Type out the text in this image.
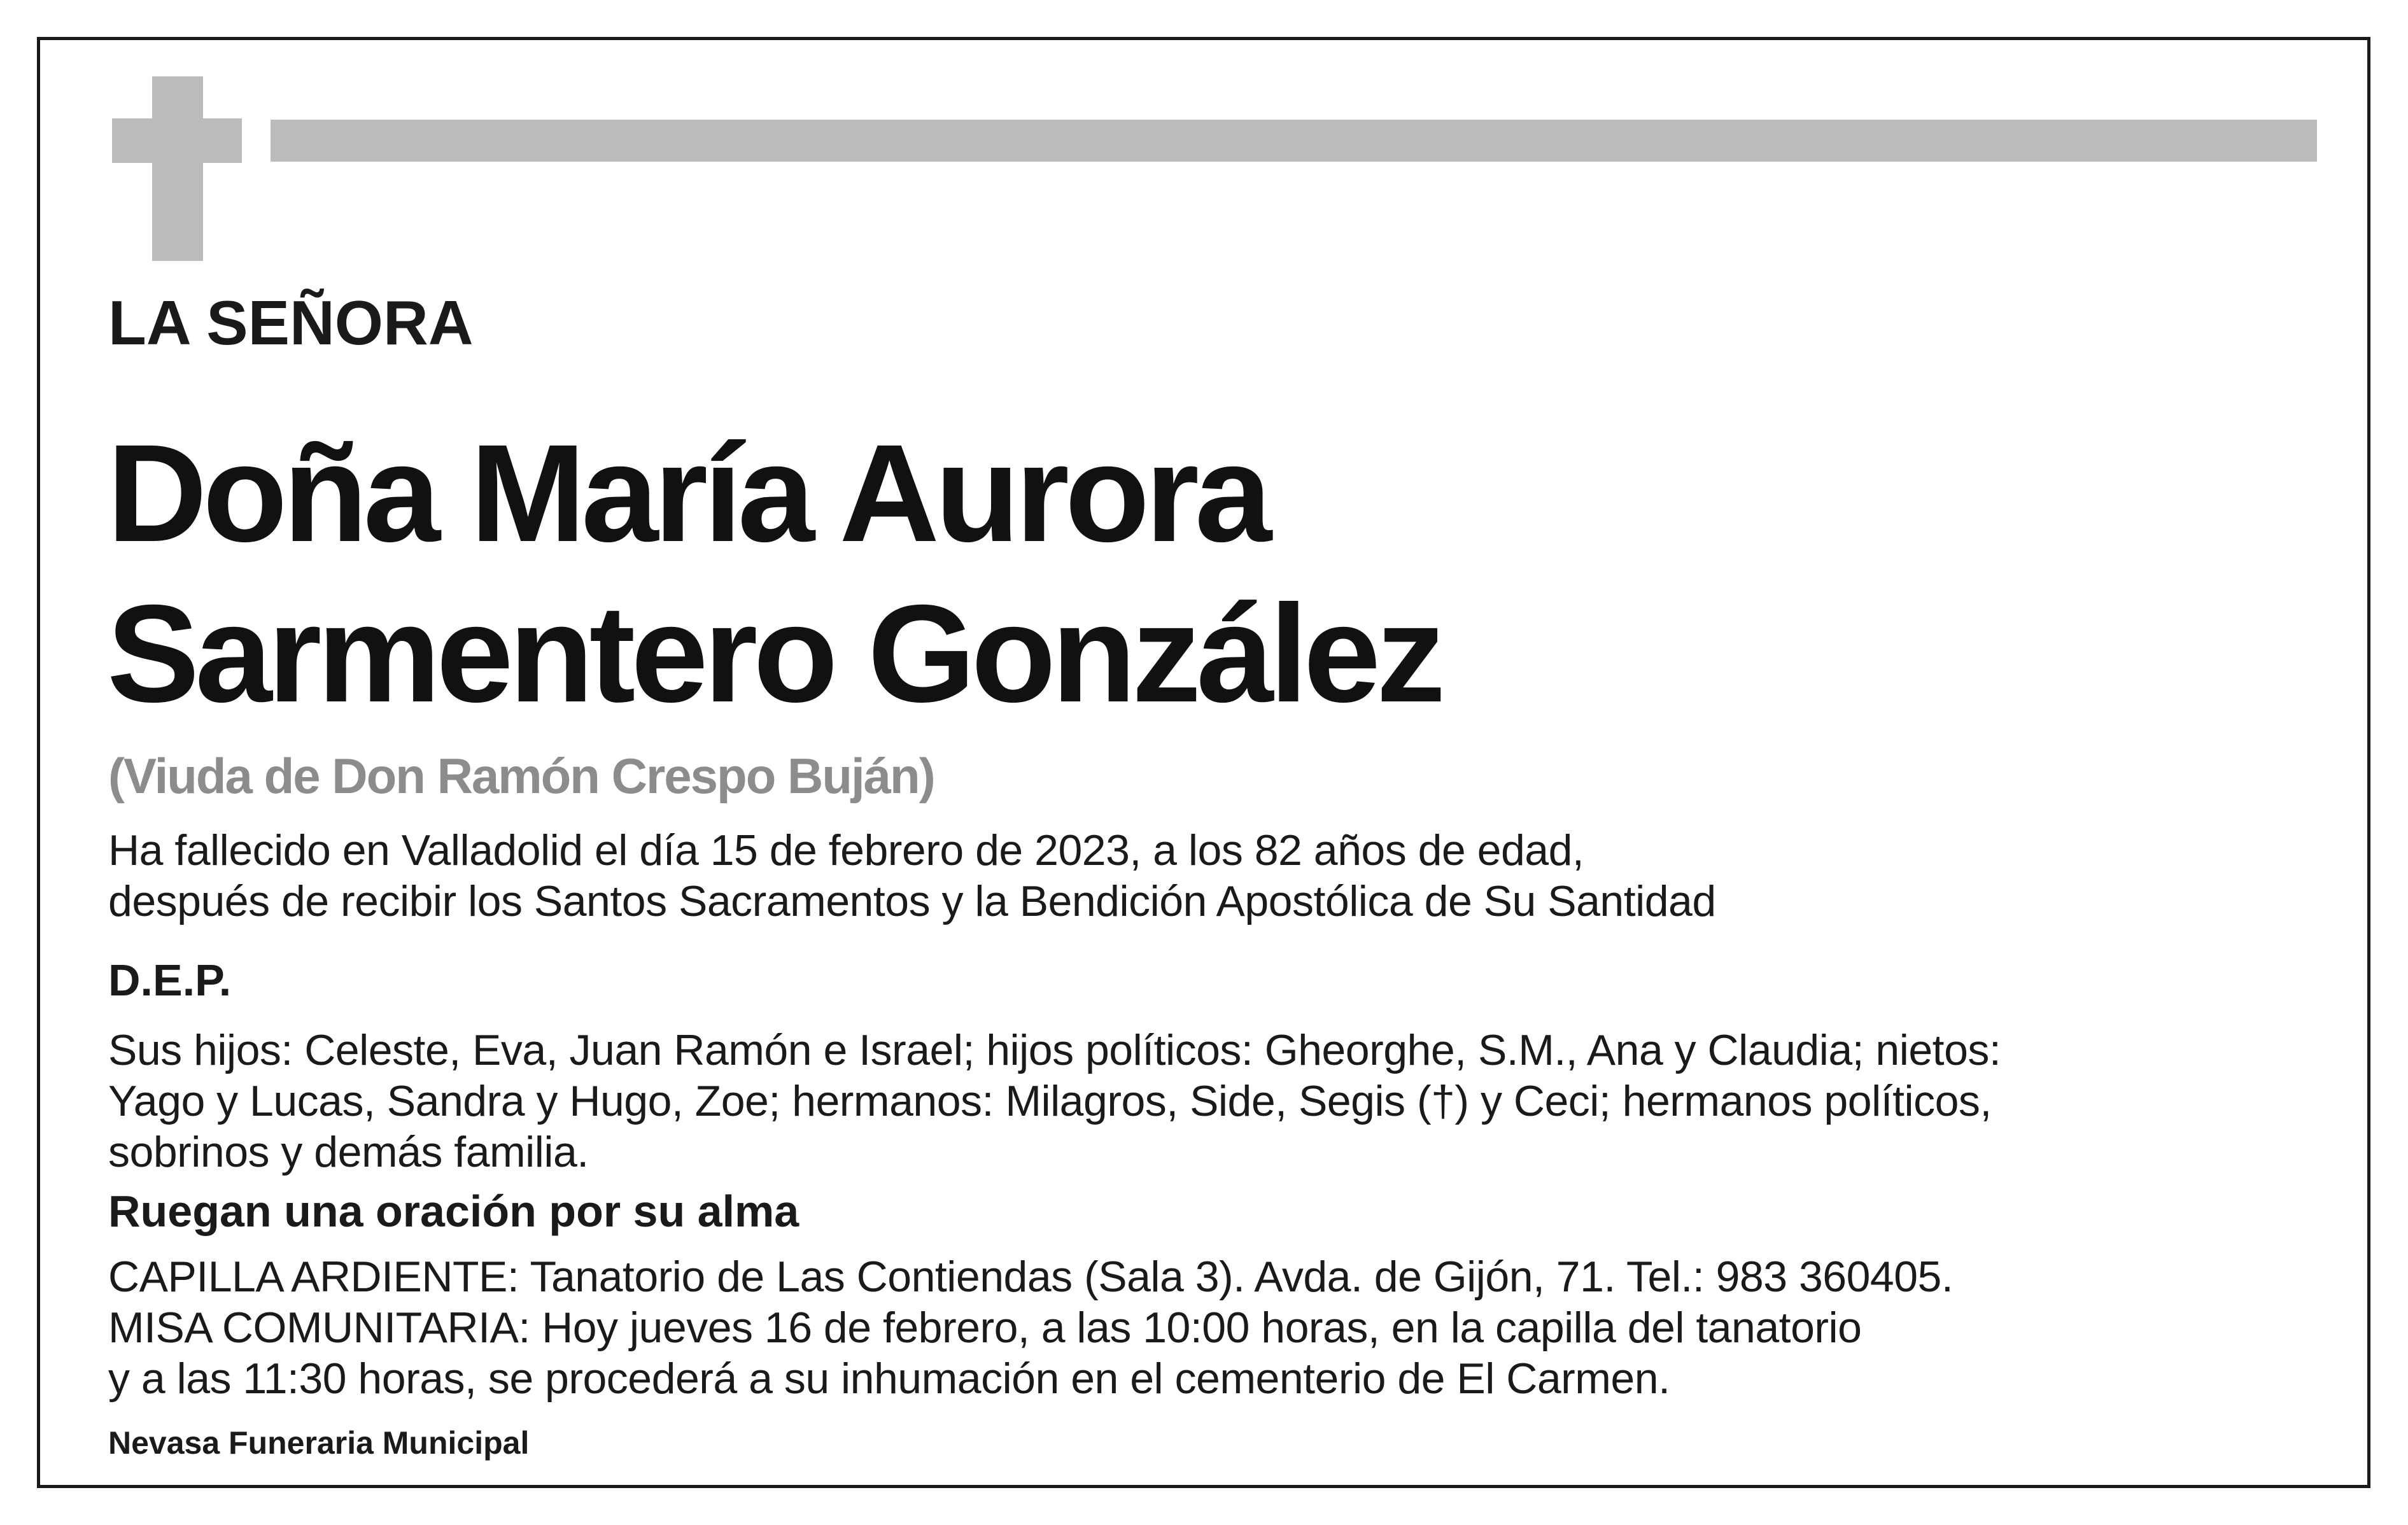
LA SEÑORA
Doña María Aurora
Sarmentero González
(Viuda de Don Ramón Crespo Buján)
Ha fallecido en Valladolid el día 15 de febrero de 2023, a los 82 años de edad,
después de recibir los Santos Sacramentos y la Bendición Apostólica de Su Santidad
D.E.P.
Sus hijos: Celeste, Eva, Juan Ramón e Israel; hijos políticos: Gheorghe, S.M., Ana y Claudia; nietos:
Yago y Lucas, Sandra y Hugo, Zoe; hermanos: Milagros, Side, Segis (†) y Ceci; hermanos políticos,
sobrinos y demás familia.
Ruegan una oración por su alma
CAPILLA ARDIENTE: Tanatorio de Las Contiendas (Sala 3). Avda. de Gijón, 71. Tel.: 983 360405.
MISA COMUNITARIA: Hoy jueves 16 de febrero, a las 10:00 horas, en la capilla del tanatorio
y a las 11:30 horas, se procederá a su inhumación en el cementerio de El Carmen.
Nevasa Funeraria Municipal
